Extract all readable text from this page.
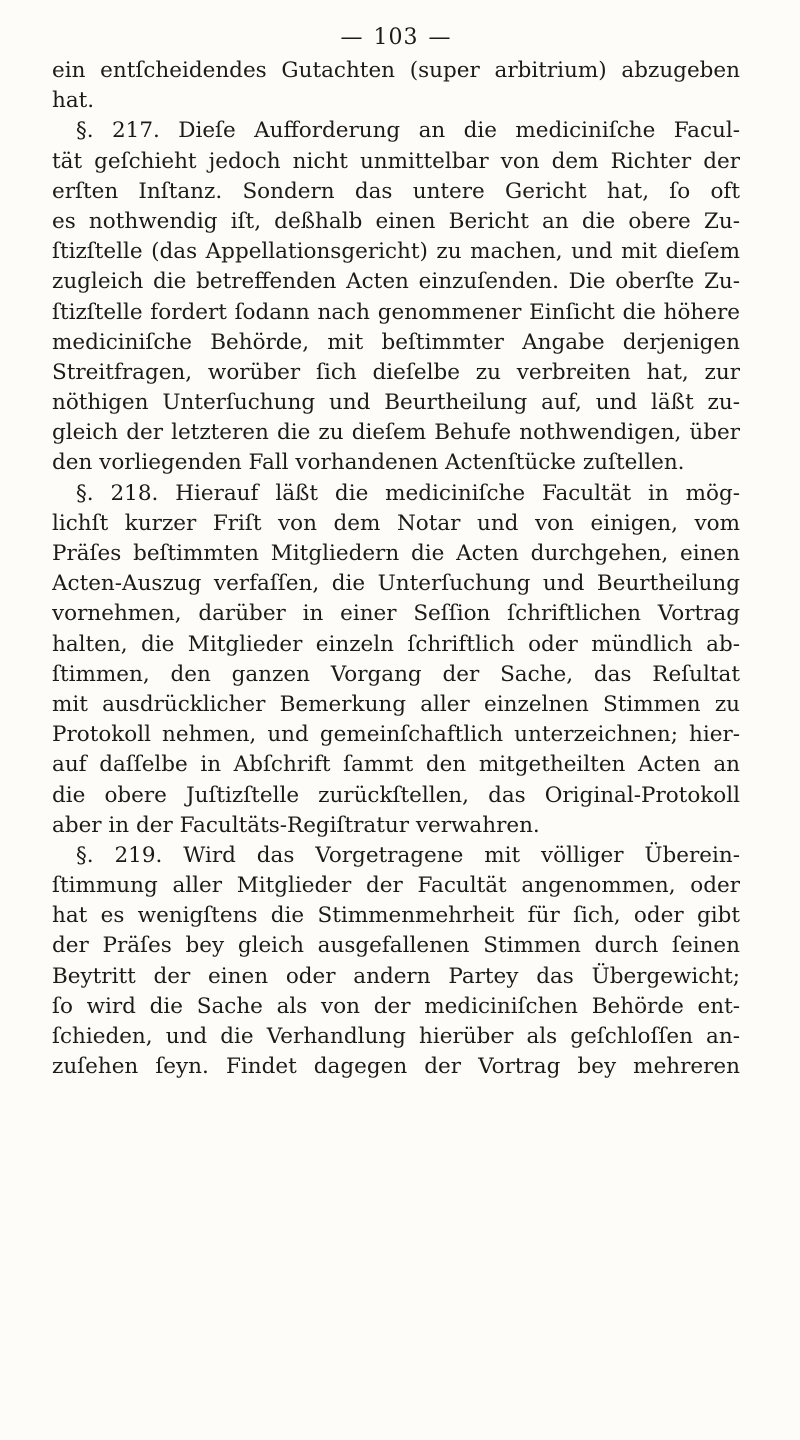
— 103 —
ein entſcheidendes Gutachten (super arbitrium) abzugeben
hat.
§. 217. Dieſe Aufforderung an die mediciniſche Facul-
tät geſchieht jedoch nicht unmittelbar von dem Richter der
erſten Inſtanz. Sondern das untere Gericht hat, ſo oft
es nothwendig iſt, deßhalb einen Bericht an die obere Zu-
ſtizſtelle (das Appellationsgericht) zu machen, und mit dieſem
zugleich die betreffenden Acten einzuſenden. Die oberſte Zu-
ſtizſtelle fordert ſodann nach genommener Einſicht die höhere
mediciniſche Behörde, mit beſtimmter Angabe derjenigen
Streitfragen, worüber ſich dieſelbe zu verbreiten hat, zur
nöthigen Unterſuchung und Beurtheilung auf, und läßt zu-
gleich der letzteren die zu dieſem Behufe nothwendigen, über
den vorliegenden Fall vorhandenen Actenſtücke zuſtellen.
§. 218. Hierauf läßt die mediciniſche Facultät in mög-
lichſt kurzer Friſt von dem Notar und von einigen, vom
Präſes beſtimmten Mitgliedern die Acten durchgehen, einen
Acten-Auszug verfaſſen, die Unterſuchung und Beurtheilung
vornehmen, darüber in einer Seſſion ſchriftlichen Vortrag
halten, die Mitglieder einzeln ſchriftlich oder mündlich ab-
ſtimmen, den ganzen Vorgang der Sache, das Reſultat
mit ausdrücklicher Bemerkung aller einzelnen Stimmen zu
Protokoll nehmen, und gemeinſchaftlich unterzeichnen; hier-
auf daſſelbe in Abſchrift ſammt den mitgetheilten Acten an
die obere Juſtizſtelle zurückſtellen, das Original-Protokoll
aber in der Facultäts-Regiſtratur verwahren.
§. 219. Wird das Vorgetragene mit völliger Überein-
ſtimmung aller Mitglieder der Facultät angenommen, oder
hat es wenigſtens die Stimmenmehrheit für ſich, oder gibt
der Präſes bey gleich ausgefallenen Stimmen durch ſeinen
Beytritt der einen oder andern Partey das Übergewicht;
ſo wird die Sache als von der mediciniſchen Behörde ent-
ſchieden, und die Verhandlung hierüber als geſchloſſen an-
zuſehen ſeyn. Findet dagegen der Vortrag bey mehreren
